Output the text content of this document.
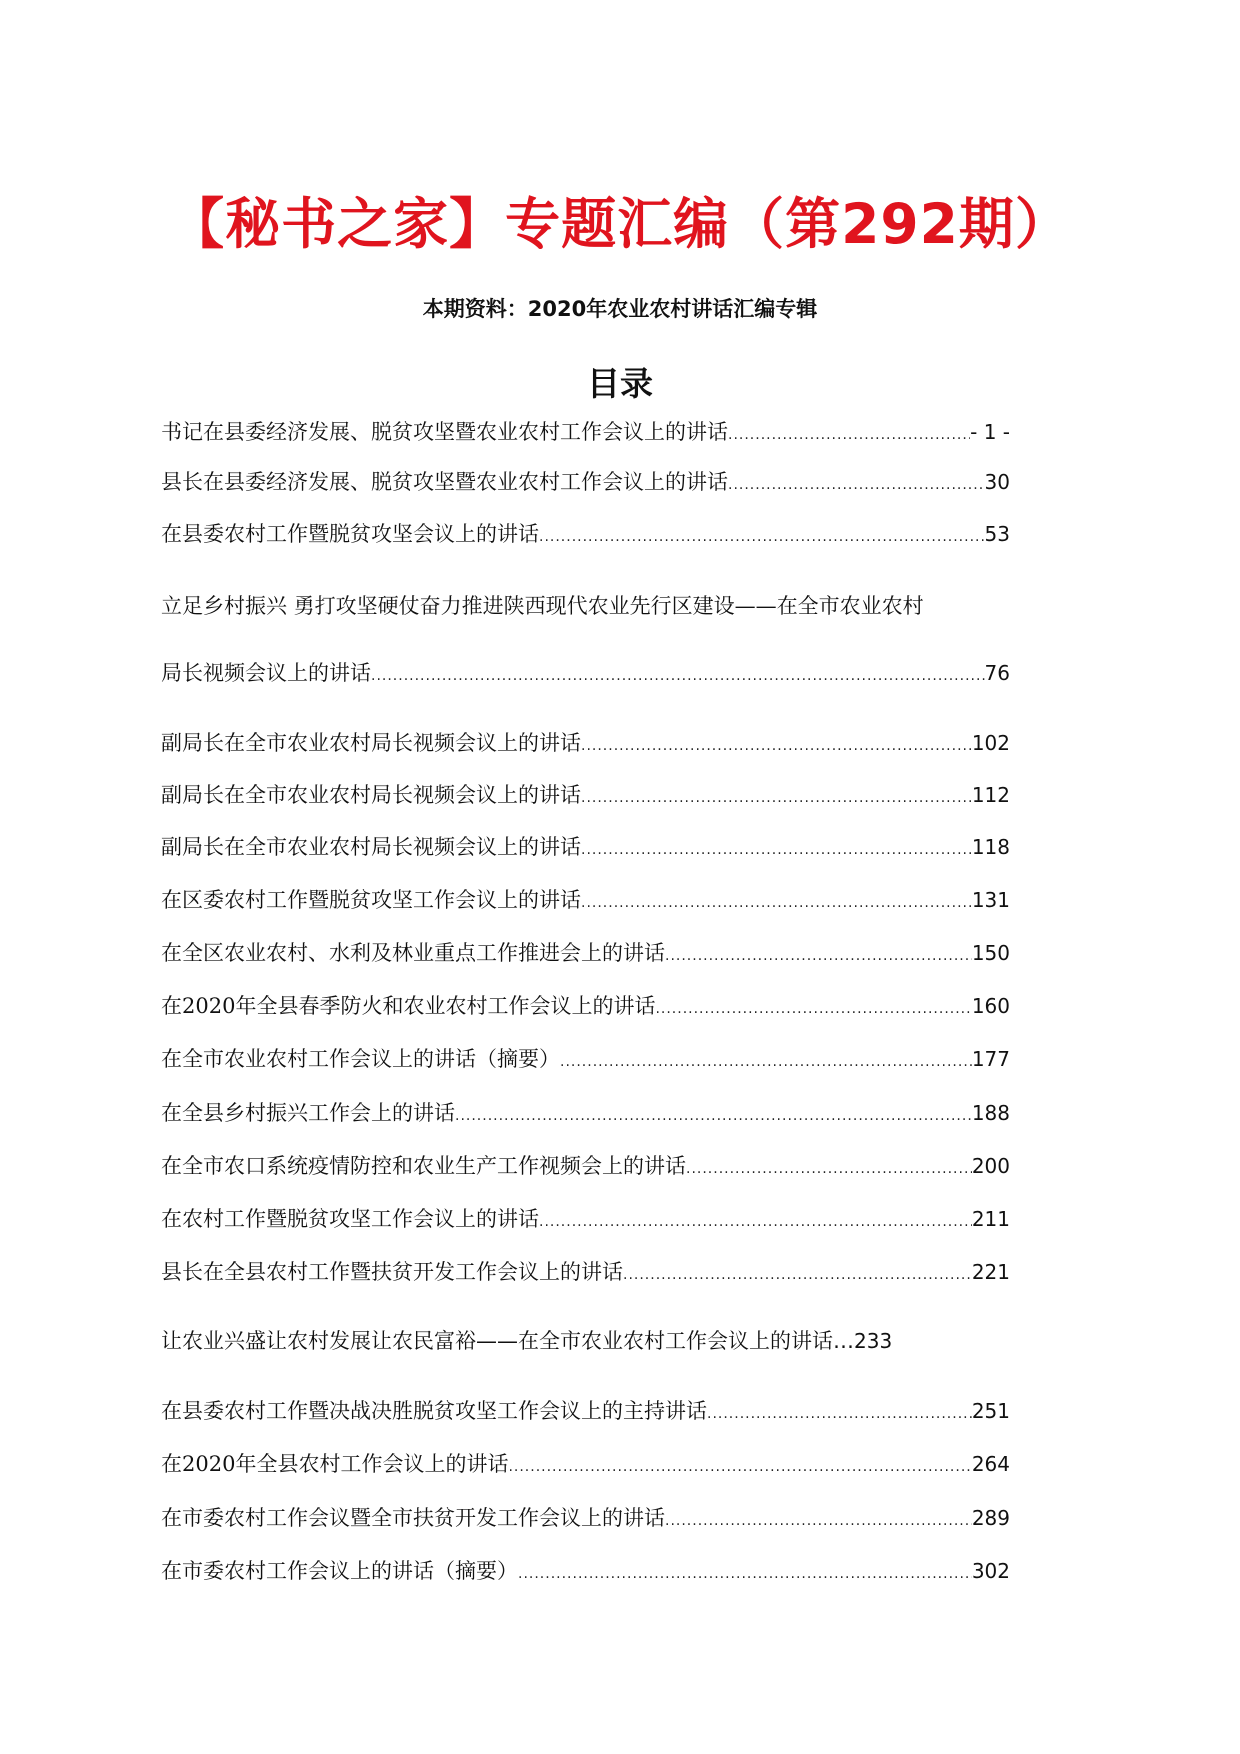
【秘书之家】专题汇编（第292期）
本期资料：2020年农业农村讲话汇编专辑
目录
书记在县委经济发展、脱贫攻坚暨农业农村工作会议上的讲话 .....	- 1 -
县长在县委经济发展、脱贫攻坚暨农业农村工作会议上的讲话 .....	30
在县委农村工作暨脱贫攻坚会议上的讲话 .....	53
立足乡村振兴 勇打攻坚硬仗奋力推进陕西现代农业先行区建设——在全市农业农村
局长视频会议上的讲话 .....	76
副局长在全市农业农村局长视频会议上的讲话 .....	102
副局长在全市农业农村局长视频会议上的讲话 .....	112
副局长在全市农业农村局长视频会议上的讲话 .....	118
在区委农村工作暨脱贫攻坚工作会议上的讲话 .....	131
在全区农业农村、水利及林业重点工作推进会上的讲话 .....	150
在2020年全县春季防火和农业农村工作会议上的讲话 .....	160
在全市农业农村工作会议上的讲话（摘要） .....	177
在全县乡村振兴工作会上的讲话 .....	188
在全市农口系统疫情防控和农业生产工作视频会上的讲话 .....	200
在农村工作暨脱贫攻坚工作会议上的讲话 .....	211
县长在全县农村工作暨扶贫开发工作会议上的讲话 .....	221
让农业兴盛让农村发展让农民富裕 ——在全市农业农村工作会议上的讲话… 233
在县委农村工作暨决战决胜脱贫攻坚工作会议上的主持讲话 .....	251
在2020年全县农村工作会议上的讲话 .....	264
在市委农村工作会议暨全市扶贫开发工作会议上的讲话 .....	289
在市委农村工作会议上的讲话（摘要） .....	302
